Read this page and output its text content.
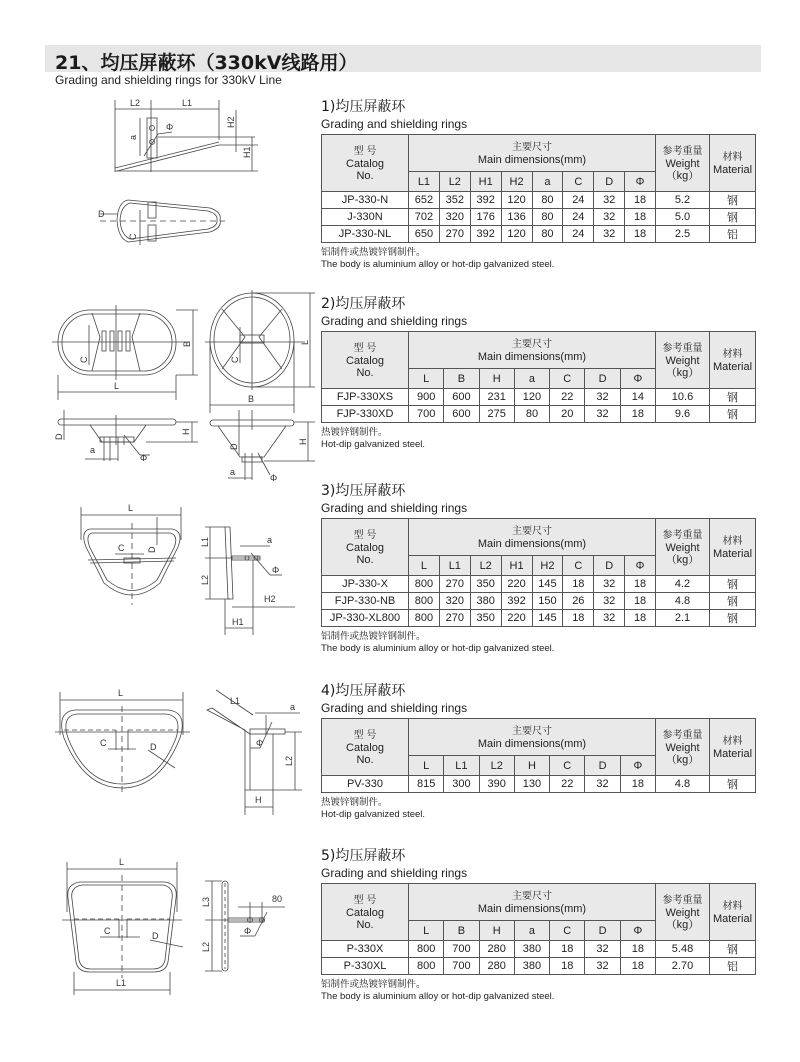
21、均压屏蔽环（330kV线路用）
Grading and shielding rings for 330kV Line
L2	L1
Φ
a
H2
H1
D
C
C
B
L
Φ
a
D
H
C
L
B
D
H
a
Φ
L
C	D
L1
L2
a
Φ
H2
H1
L
C	D
L1
a
Φ
L2
H
L
C	D
L1
L3
L2
80
Φ
1)均压屏蔽环
Grading and shielding rings
型 号
Catalog
No.	主要尺寸
Main dimensions(mm)								参考重量
Weight
（kg）	材料
Material
	L1	L2	H1	H2	a	C	D	Φ		
JP-330-N	652	352	392	120	80	24	32	18	5.2	钢
J-330N	702	320	176	136	80	24	32	18	5.0	钢
JP-330-NL	650	270	392	120	80	24	32	18	2.5	铝
铝制件或热镀锌钢制件。
The body is aluminium alloy or hot-dip galvanized steel.
2)均压屏蔽环
Grading and shielding rings
型 号
Catalog
No.	主要尺寸
Main dimensions(mm)							参考重量
Weight
（kg）	材料
Material
	L	B	H	a	C	D	Φ		
FJP-330XS	900	600	231	120	22	32	14	10.6	钢
FJP-330XD	700	600	275	80	20	32	18	9.6	钢
热镀锌钢制件。
Hot-dip galvanized steel.
3)均压屏蔽环
Grading and shielding rings
型 号
Catalog
No.	主要尺寸
Main dimensions(mm)								参考重量
Weight
（kg）	材料
Material
	L	L1	L2	H1	H2	C	D	Φ		
JP-330-X	800	270	350	220	145	18	32	18	4.2	钢
FJP-330-NB	800	320	380	392	150	26	32	18	4.8	钢
JP-330-XL800	800	270	350	220	145	18	32	18	2.1	钢
铝制件或热镀锌钢制件。
The body is aluminium alloy or hot-dip galvanized steel.
4)均压屏蔽环
Grading and shielding rings
型 号
Catalog
No.	主要尺寸
Main dimensions(mm)							参考重量
Weight
（kg）	材料
Material
	L	L1	L2	H	C	D	Φ		
PV-330	815	300	390	130	22	32	18	4.8	钢
热镀锌钢制件。
Hot-dip galvanized steel.
5)均压屏蔽环
Grading and shielding rings
型 号
Catalog
No.	主要尺寸
Main dimensions(mm)							参考重量
Weight
（kg）	材料
Material
	L	B	H	a	C	D	Φ		
P-330X	800	700	280	380	18	32	18	5.48	钢
P-330XL	800	700	280	380	18	32	18	2.70	铝
铝制件或热镀锌钢制件。
The body is aluminium alloy or hot-dip galvanized steel.
